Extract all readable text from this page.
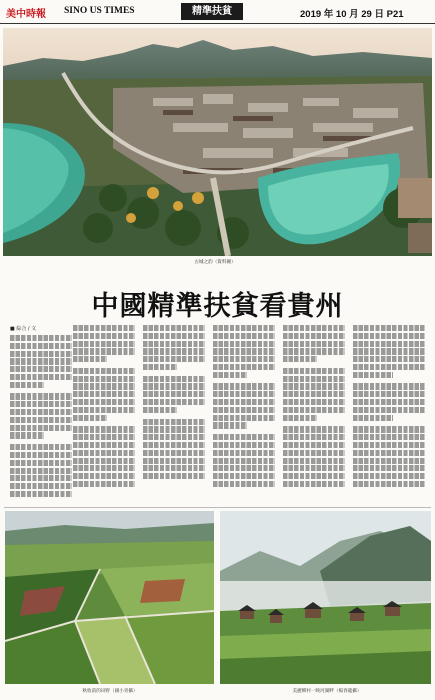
美中時報 SINO US TIMES	精準扶貧	2019 年 10 月 29 日 P21
古城之韵（資料圖）
中國精準扶貧看貴州
■ 綜合 / 文
秋收前的田野（國小青攝）	美麗鄉村一映河湖畔（楊春龍攝）
